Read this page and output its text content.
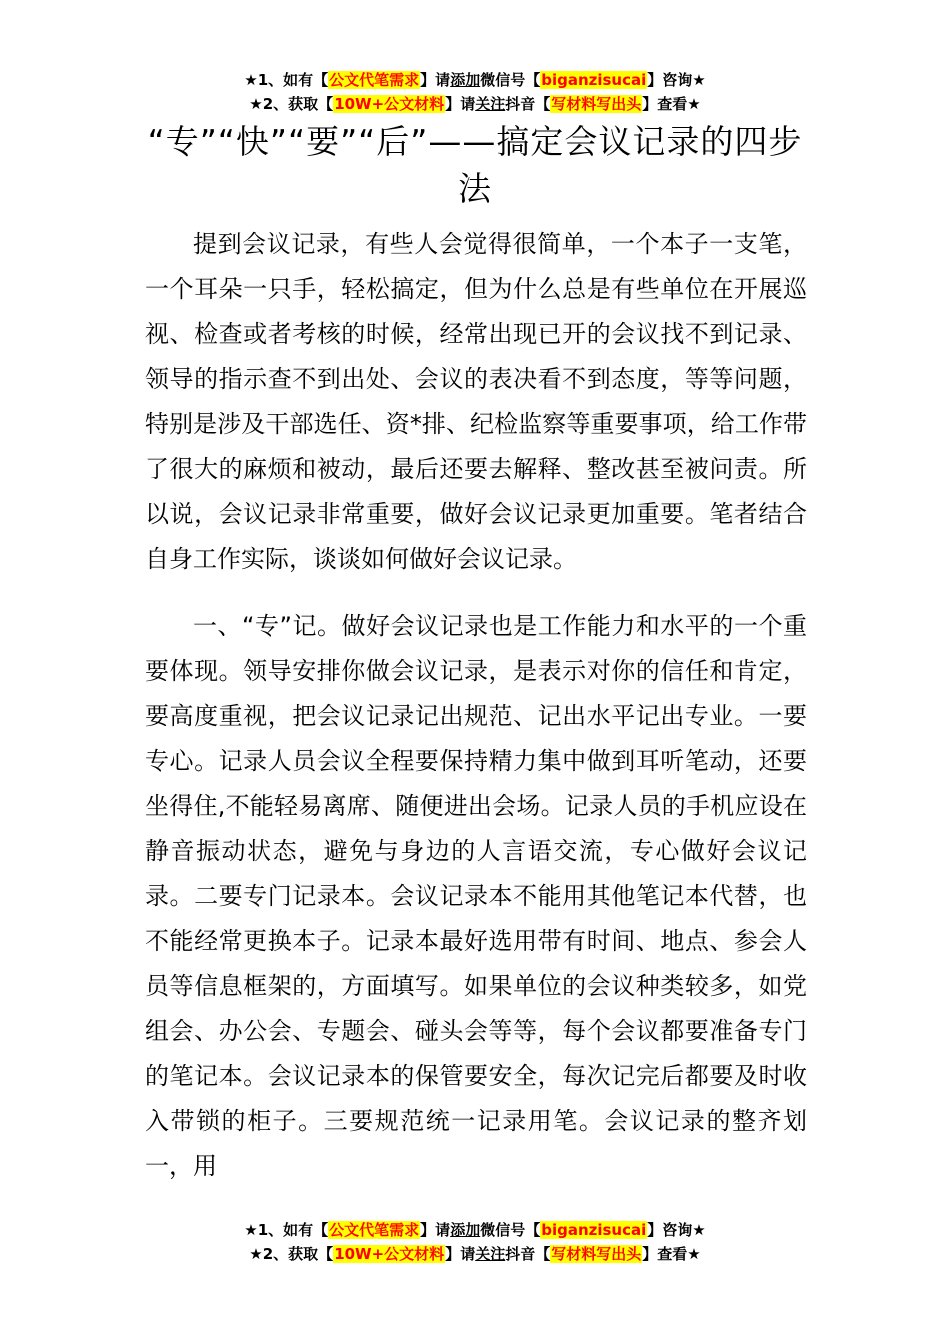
★1、如有【公文代笔需求】请添加微信号【biganzisucai】咨询★
★2、获取【10W+公文材料】请关注抖音【写材料写出头】查看★
“专”“快”“要”“后”——搞定会议记录的四步法

提到会议记录，有些人会觉得很简单，一个本子一支笔，一个耳朵一只手，轻松搞定，但为什么总是有些单位在开展巡视、检查或者考核的时候，经常出现已开的会议找不到记录、领导的指示查不到出处、会议的表决看不到态度，等等问题，特别是涉及干部选任、资*排、纪检监察等重要事项，给工作带了很大的麻烦和被动，最后还要去解释、整改甚至被问责。所以说，会议记录非常重要，做好会议记录更加重要。笔者结合自身工作实际，谈谈如何做好会议记录。

一、“专”记。做好会议记录也是工作能力和水平的一个重要体现。领导安排你做会议记录，是表示对你的信任和肯定，要高度重视，把会议记录记出规范、记出水平记出专业。一要专心。记录人员会议全程要保持精力集中做到耳听笔动，还要坐得住,不能轻易离席、随便进出会场。记录人员的手机应设在静音振动状态，避免与身边的人言语交流，专心做好会议记录。二要专门记录本。会议记录本不能用其他笔记本代替，也不能经常更换本子。记录本最好选用带有时间、地点、参会人员等信息框架的，方面填写。如果单位的会议种类较多，如党组会、办公会、专题会、碰头会等等，每个会议都要准备专门的笔记本。会议记录本的保管要安全，每次记完后都要及时收入带锁的柜子。三要规范统一记录用笔。会议记录的整齐划一，用

★1、如有【公文代笔需求】请添加微信号【biganzisucai】咨询★
★2、获取【10W+公文材料】请关注抖音【写材料写出头】查看★
